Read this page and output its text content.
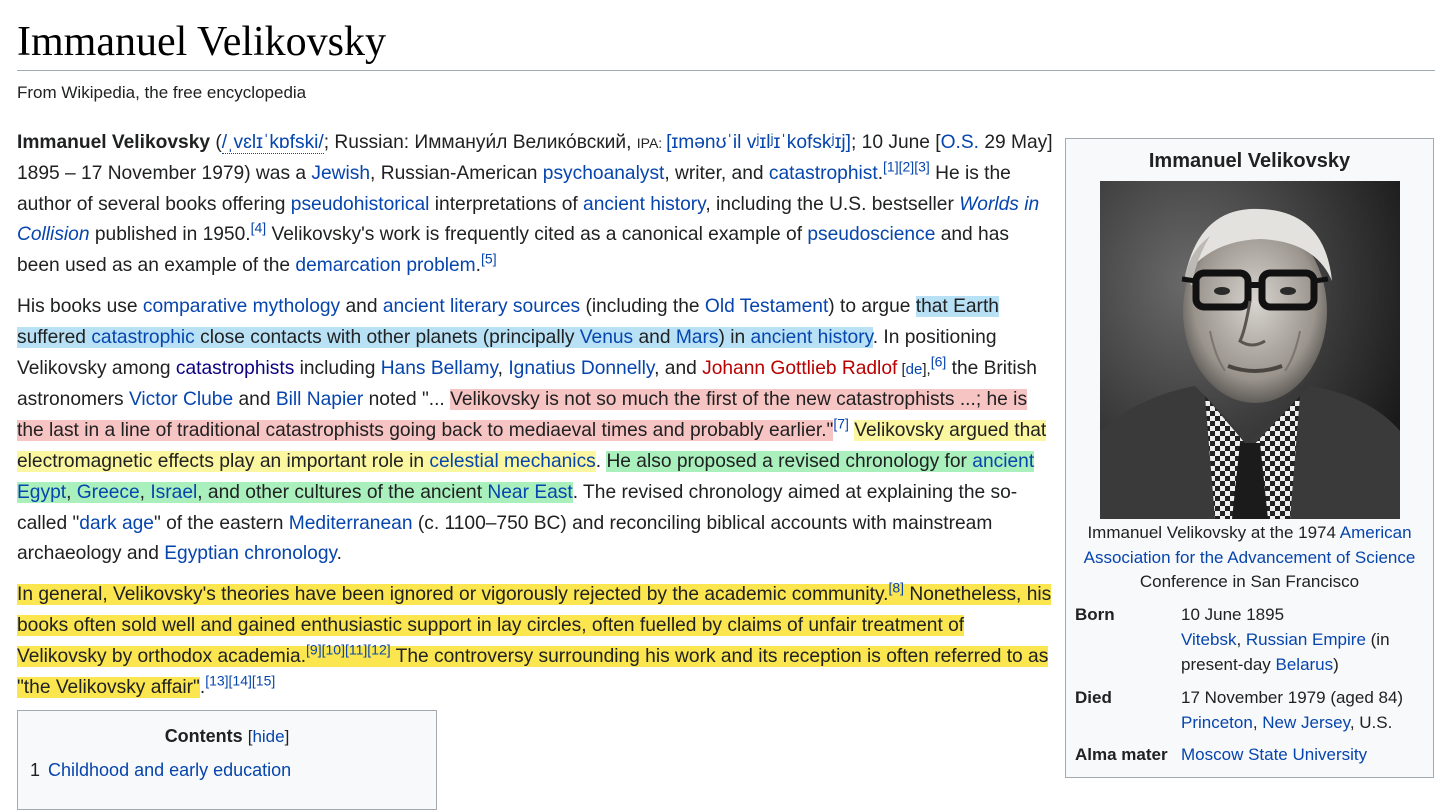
Immanuel Velikovsky
From Wikipedia, the free encyclopedia

Immanuel Velikovsky (/ˌvɛlɪˈkɒfski/; Russian: Иммануи́л Велико́вский, IPA: [ɪmənʊˈil vʲɪlʲɪˈkofskʲɪj]; 10 June [O.S. 29 May] 1895 – 17 November 1979) was a Jewish, Russian-American psychoanalyst, writer, and catastrophist.[1][2][3] He is the author of several books offering pseudohistorical interpretations of ancient history, including the U.S. bestseller Worlds in Collision published in 1950.[4] Velikovsky's work is frequently cited as a canonical example of pseudoscience and has been used as an example of the demarcation problem.[5]

His books use comparative mythology and ancient literary sources (including the Old Testament) to argue that Earth suffered catastrophic close contacts with other planets (principally Venus and Mars) in ancient history. In positioning Velikovsky among catastrophists including Hans Bellamy, Ignatius Donnelly, and Johann Gottlieb Radlof [de],[6] the British astronomers Victor Clube and Bill Napier noted "... Velikovsky is not so much the first of the new catastrophists ...; he is the last in a line of traditional catastrophists going back to mediaeval times and probably earlier."[7] Velikovsky argued that electromagnetic effects play an important role in celestial mechanics. He also proposed a revised chronology for ancient Egypt, Greece, Israel, and other cultures of the ancient Near East. The revised chronology aimed at explaining the so-called "dark age" of the eastern Mediterranean (c. 1100–750 BC) and reconciling biblical accounts with mainstream archaeology and Egyptian chronology.

In general, Velikovsky's theories have been ignored or vigorously rejected by the academic community.[8] Nonetheless, his books often sold well and gained enthusiastic support in lay circles, often fuelled by claims of unfair treatment of Velikovsky by orthodox academia.[9][10][11][12] The controversy surrounding his work and its reception is often referred to as "the Velikovsky affair".[13][14][15]

Contents [hide]
1 Childhood and early education
Immanuel Velikovsky
Immanuel Velikovsky at the 1974 American Association for the Advancement of Science Conference in San Francisco
Born	10 June 1895
Vitebsk, Russian Empire (in present-day Belarus)
Died	17 November 1979 (aged 84)
Princeton, New Jersey, U.S.
Alma mater Moscow State University
